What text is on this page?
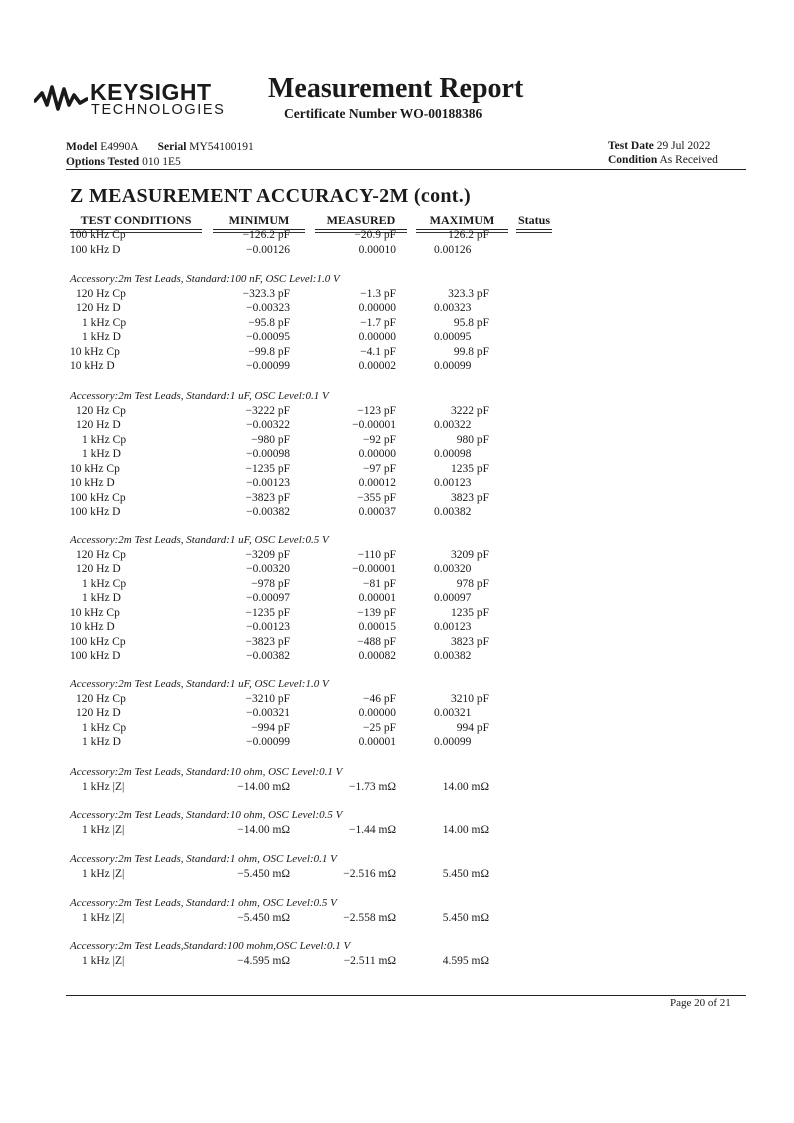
KEYSIGHT
TECHNOLOGIES
Measurement Report
Certificate Number WO-00188386
Model E4990A Serial MY54100191
Options Tested 010 1E5
Test Date 29 Jul 2022
Condition As Received
Z MEASUREMENT ACCURACY-2M (cont.)
TEST CONDITIONS	MINIMUM	MEASURED	MAXIMUM	Status
100 kHz Cp	−126.2 pF	−20.9 pF	126.2 pF
100 kHz D	−0.00126	0.00010	0.00126
Accessory:2m Test Leads, Standard:100 nF, OSC Level:1.0 V
120 Hz Cp	−323.3 pF	−1.3 pF	323.3 pF
120 Hz D	−0.00323	0.00000	0.00323
1 kHz Cp	−95.8 pF	−1.7 pF	95.8 pF
1 kHz D	−0.00095	0.00000	0.00095
10 kHz Cp	−99.8 pF	−4.1 pF	99.8 pF
10 kHz D	−0.00099	0.00002	0.00099
Accessory:2m Test Leads, Standard:1 uF, OSC Level:0.1 V
120 Hz Cp	−3222 pF	−123 pF	3222 pF
120 Hz D	−0.00322	−0.00001	0.00322
1 kHz Cp	−980 pF	−92 pF	980 pF
1 kHz D	−0.00098	0.00000	0.00098
10 kHz Cp	−1235 pF	−97 pF	1235 pF
10 kHz D	−0.00123	0.00012	0.00123
100 kHz Cp	−3823 pF	−355 pF	3823 pF
100 kHz D	−0.00382	0.00037	0.00382
Accessory:2m Test Leads, Standard:1 uF, OSC Level:0.5 V
120 Hz Cp	−3209 pF	−110 pF	3209 pF
120 Hz D	−0.00320	−0.00001	0.00320
1 kHz Cp	−978 pF	−81 pF	978 pF
1 kHz D	−0.00097	0.00001	0.00097
10 kHz Cp	−1235 pF	−139 pF	1235 pF
10 kHz D	−0.00123	0.00015	0.00123
100 kHz Cp	−3823 pF	−488 pF	3823 pF
100 kHz D	−0.00382	0.00082	0.00382
Accessory:2m Test Leads, Standard:1 uF, OSC Level:1.0 V
120 Hz Cp	−3210 pF	−46 pF	3210 pF
120 Hz D	−0.00321	0.00000	0.00321
1 kHz Cp	−994 pF	−25 pF	994 pF
1 kHz D	−0.00099	0.00001	0.00099
Accessory:2m Test Leads, Standard:10 ohm, OSC Level:0.1 V
1 kHz |Z|	−14.00 mΩ	−1.73 mΩ	14.00 mΩ
Accessory:2m Test Leads, Standard:10 ohm, OSC Level:0.5 V
1 kHz |Z|	−14.00 mΩ	−1.44 mΩ	14.00 mΩ
Accessory:2m Test Leads, Standard:1 ohm, OSC Level:0.1 V
1 kHz |Z|	−5.450 mΩ	−2.516 mΩ	5.450 mΩ
Accessory:2m Test Leads, Standard:1 ohm, OSC Level:0.5 V
1 kHz |Z|	−5.450 mΩ	−2.558 mΩ	5.450 mΩ
Accessory:2m Test Leads,Standard:100 mohm,OSC Level:0.1 V
1 kHz |Z|	−4.595 mΩ	−2.511 mΩ	4.595 mΩ
Page 20 of 21
